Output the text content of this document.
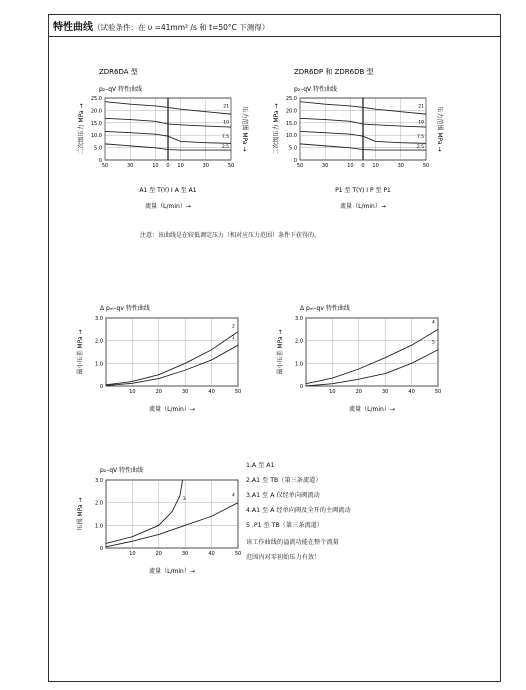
特性曲线（试验条件：在 υ =41mm² /s 和 t=50°C 下测得）
ZDR6DA 型
p₂–qV 特性曲线
25.0
20.0
15.0
10.0
5.0
0
50	30	10 0 10	30	50
21
10
7.5
2.5
二次级压力 MPa →	压力范围 MPa →
A1 至 T(Y) Ⅰ A 至 A1
流量（L/min）→
ZDR6DP 和 ZDR6DB 型
p₂–qV 特性曲线
25.0
20.0
15.0
10.0
5.0
0
50	30	10 0 10	30	50
21
10
7.5
2.5
二次级压力 MPa →	压力范围 MPa →
P1 至 T(Y) Ⅰ P 至 P1
流量（L/min）→
注意：该曲线是在较低调定压力（相对应压力范围）条件下获得的。
Δ pₘ–qv 特性曲线
3.0
2.0
1.0
0
10	20	30	40	50
2
1
最小压差 MPa →
流量（L/min）→
Δ pₘ–qv 特性曲线
3.0
2.0
1.0
0
10	20	30	40	50
4
5
最小压差 MPa →
流量（L/min）→
p₂–qV 特性曲线
3.0
2.0
1.0
0
10	20	30	40	50
3
4
压损 MPa →
流量（L/min）→
1.A 至 A1
2.A1 至 TB（第三条流道）
3.A1 至 A 仅经单向阀流动
4.A1 至 A 经单向阀及全开的主阀流动
5 .P1 至 TB（第三条流道）
该工作曲线的溢流功能在整个流量
范围内对零初始压力有效！
